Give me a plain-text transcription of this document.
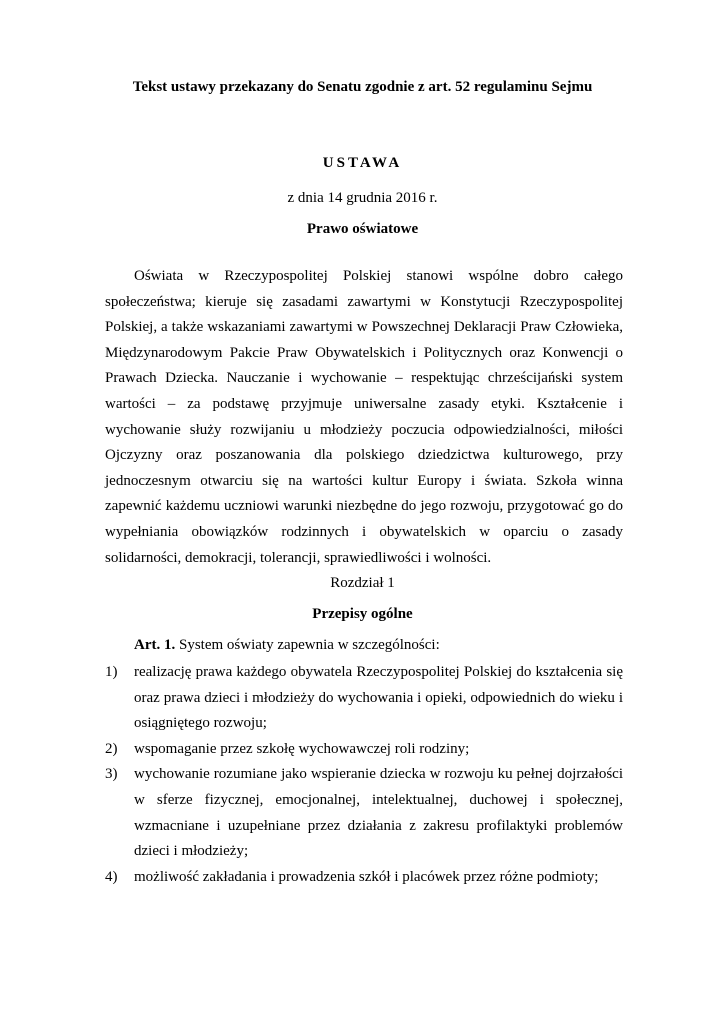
Tekst ustawy przekazany do Senatu zgodnie z art. 52 regulaminu Sejmu
USTAWA
z dnia 14 grudnia 2016 r.
Prawo oświatowe

Oświata w Rzeczypospolitej Polskiej stanowi wspólne dobro całego społeczeństwa; kieruje się zasadami zawartymi w Konstytucji Rzeczypospolitej Polskiej, a także wskazaniami zawartymi w Powszechnej Deklaracji Praw Człowieka, Międzynarodowym Pakcie Praw Obywatelskich i Politycznych oraz Konwencji o Prawach Dziecka. Nauczanie i wychowanie – respektując chrześcijański system wartości – za podstawę przyjmuje uniwersalne zasady etyki. Kształcenie i wychowanie służy rozwijaniu u młodzieży poczucia odpowiedzialności, miłości Ojczyzny oraz poszanowania dla polskiego dziedzictwa kulturowego, przy jednoczesnym otwarciu się na wartości kultur Europy i świata. Szkoła winna zapewnić każdemu uczniowi warunki niezbędne do jego rozwoju, przygotować go do wypełniania obowiązków rodzinnych i obywatelskich w oparciu o zasady solidarności, demokracji, tolerancji, sprawiedliwości i wolności.

Rozdział 1
Przepisy ogólne
Art. 1. System oświaty zapewnia w szczególności:
1)	realizację prawa każdego obywatela Rzeczypospolitej Polskiej do kształcenia się oraz prawa dzieci i młodzieży do wychowania i opieki, odpowiednich do wieku i osiągniętego rozwoju;
2)	wspomaganie przez szkołę wychowawczej roli rodziny;
3)	wychowanie rozumiane jako wspieranie dziecka w rozwoju ku pełnej dojrzałości w sferze fizycznej, emocjonalnej, intelektualnej, duchowej i społecznej, wzmacniane i uzupełniane przez działania z zakresu profilaktyki problemów dzieci i młodzieży;
4)	możliwość zakładania i prowadzenia szkół i placówek przez różne podmioty;
